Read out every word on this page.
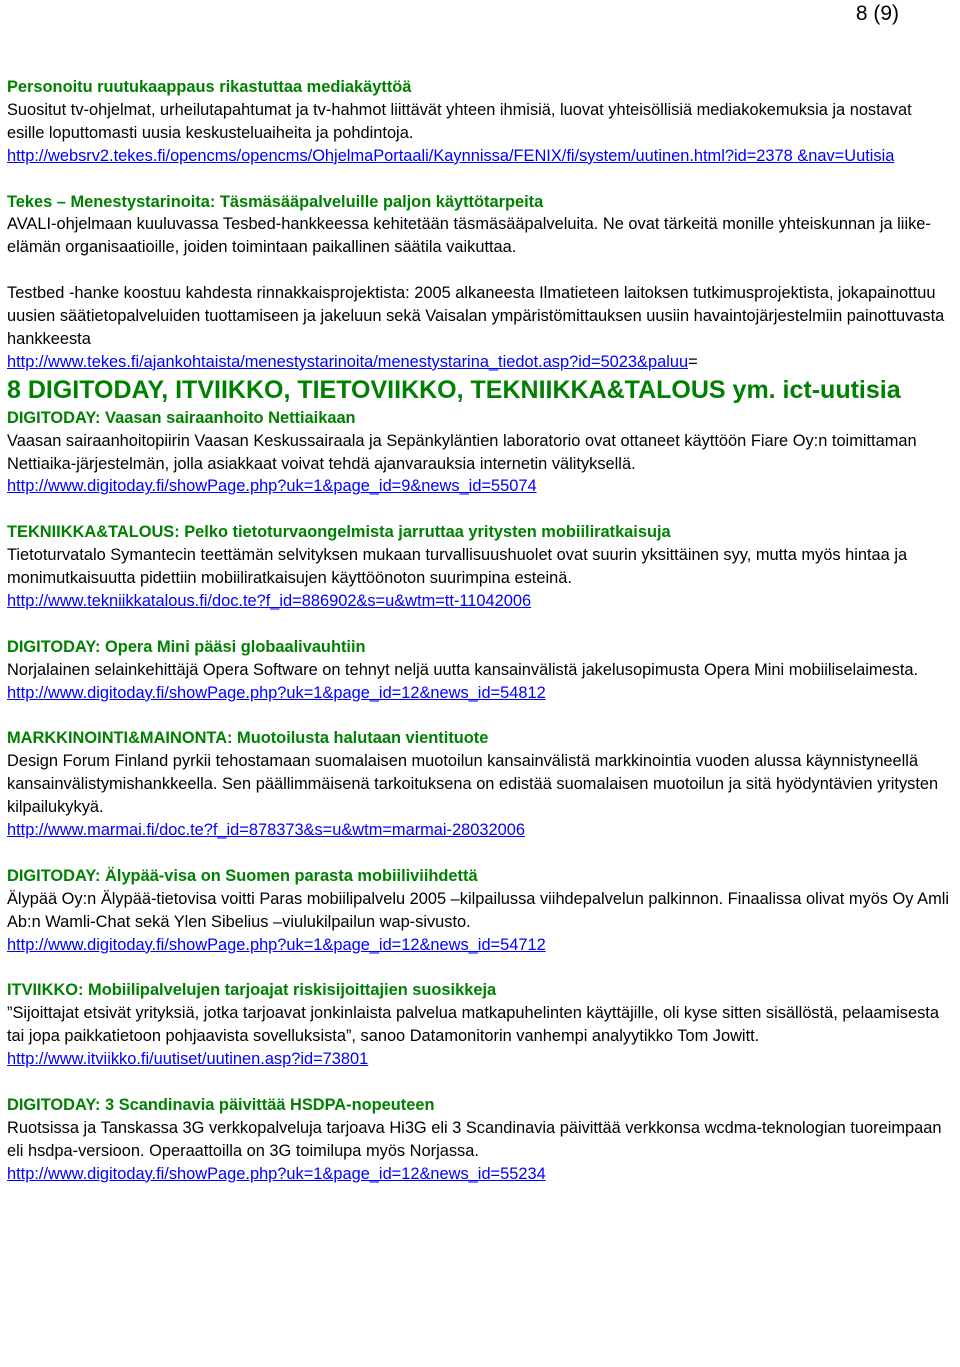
8 (9)

Personoitu ruutukaappaus rikastuttaa mediakäyttöä

Suositut tv-ohjelmat, urheilutapahtumat ja tv-hahmot liittävät yhteen ihmisiä, luovat yhteisöllisiä mediakokemuksia ja nostavat esille loputtomasti uusia keskusteluaiheita ja pohdintoja.

http://websrv2.tekes.fi/opencms/opencms/OhjelmaPortaali/Kaynnissa/FENIX/fi/system/uutinen.html?id=2378 &nav=Uutisia

Tekes – Menestystarinoita: Täsmäsääpalveluille paljon käyttötarpeita

AVALI-ohjelmaan kuuluvassa Tesbed-hankkeessa kehitetään täsmäsääpalveluita. Ne ovat tärkeitä monille yhteiskunnan ja liike-elämän organisaatioille, joiden toimintaan paikallinen säätila vaikuttaa.

Testbed -hanke koostuu kahdesta rinnakkaisprojektista: 2005 alkaneesta Ilmatieteen laitoksen tutkimusprojektista, jokapainottuu uusien säätietopalveluiden tuottamiseen ja jakeluun sekä Vaisalan ympäristömittauksen uusiin havaintojärjestelmiin painottuvasta hankkeesta

http://www.tekes.fi/ajankohtaista/menestystarinoita/menestystarina_tiedot.asp?id=5023&paluu=

8 DIGITODAY, ITVIIKKO, TIETOVIIKKO, TEKNIIKKA&TALOUS ym. ict-uutisia

DIGITODAY: Vaasan sairaanhoito Nettiaikaan

Vaasan sairaanhoitopiirin Vaasan Keskussairaala ja Sepänkyläntien laboratorio ovat ottaneet käyttöön Fiare Oy:n toimittaman Nettiaika-järjestelmän, jolla asiakkaat voivat tehdä ajanvarauksia internetin välityksellä.

http://www.digitoday.fi/showPage.php?uk=1&page_id=9&news_id=55074

TEKNIIKKA&TALOUS: Pelko tietoturvaongelmista jarruttaa yritysten mobiiliratkaisuja

Tietoturvatalo Symantecin teettämän selvityksen mukaan turvallisuushuolet ovat suurin yksittäinen syy, mutta myös hintaa ja monimutkaisuutta pidettiin mobiiliratkaisujen käyttöönoton suurimpina esteinä.

http://www.tekniikkatalous.fi/doc.te?f_id=886902&s=u&wtm=tt-11042006

DIGITODAY: Opera Mini pääsi globaalivauhtiin

Norjalainen selainkehittäjä Opera Software on tehnyt neljä uutta kansainvälistä jakelusopimusta Opera Mini mobiiliselaimesta.

http://www.digitoday.fi/showPage.php?uk=1&page_id=12&news_id=54812

MARKKINOINTI&MAINONTA: Muotoilusta halutaan vientituote

Design Forum Finland pyrkii tehostamaan suomalaisen muotoilun kansainvälistä markkinointia vuoden alussa käynnistyneellä kansainvälistymishankkeella. Sen päällimmäisenä tarkoituksena on edistää suomalaisen muotoilun ja sitä hyödyntävien yritysten kilpailukykyä.

http://www.marmai.fi/doc.te?f_id=878373&s=u&wtm=marmai-28032006

DIGITODAY: Älypää-visa on Suomen parasta mobiiliviihdettä

Älypää Oy:n Älypää-tietovisa voitti Paras mobiilipalvelu 2005 –kilpailussa viihdepalvelun palkinnon. Finaalissa olivat myös Oy Amli Ab:n Wamli-Chat sekä Ylen Sibelius –viulukilpailun wap-sivusto.

http://www.digitoday.fi/showPage.php?uk=1&page_id=12&news_id=54712

ITVIIKKO: Mobiilipalvelujen tarjoajat riskisijoittajien suosikkeja

”Sijoittajat etsivät yrityksiä, jotka tarjoavat jonkinlaista palvelua matkapuhelinten käyttäjille, oli kyse sitten sisällöstä, pelaamisesta tai jopa paikkatietoon pohjaavista sovelluksista”, sanoo Datamonitorin vanhempi analyytikko Tom Jowitt.

http://www.itviikko.fi/uutiset/uutinen.asp?id=73801

DIGITODAY: 3 Scandinavia päivittää HSDPA-nopeuteen

Ruotsissa ja Tanskassa 3G verkkopalveluja tarjoava Hi3G eli 3 Scandinavia päivittää verkkonsa wcdma-teknologian tuoreimpaan eli hsdpa-versioon. Operaattoilla on 3G toimilupa myös Norjassa.

http://www.digitoday.fi/showPage.php?uk=1&page_id=12&news_id=55234
